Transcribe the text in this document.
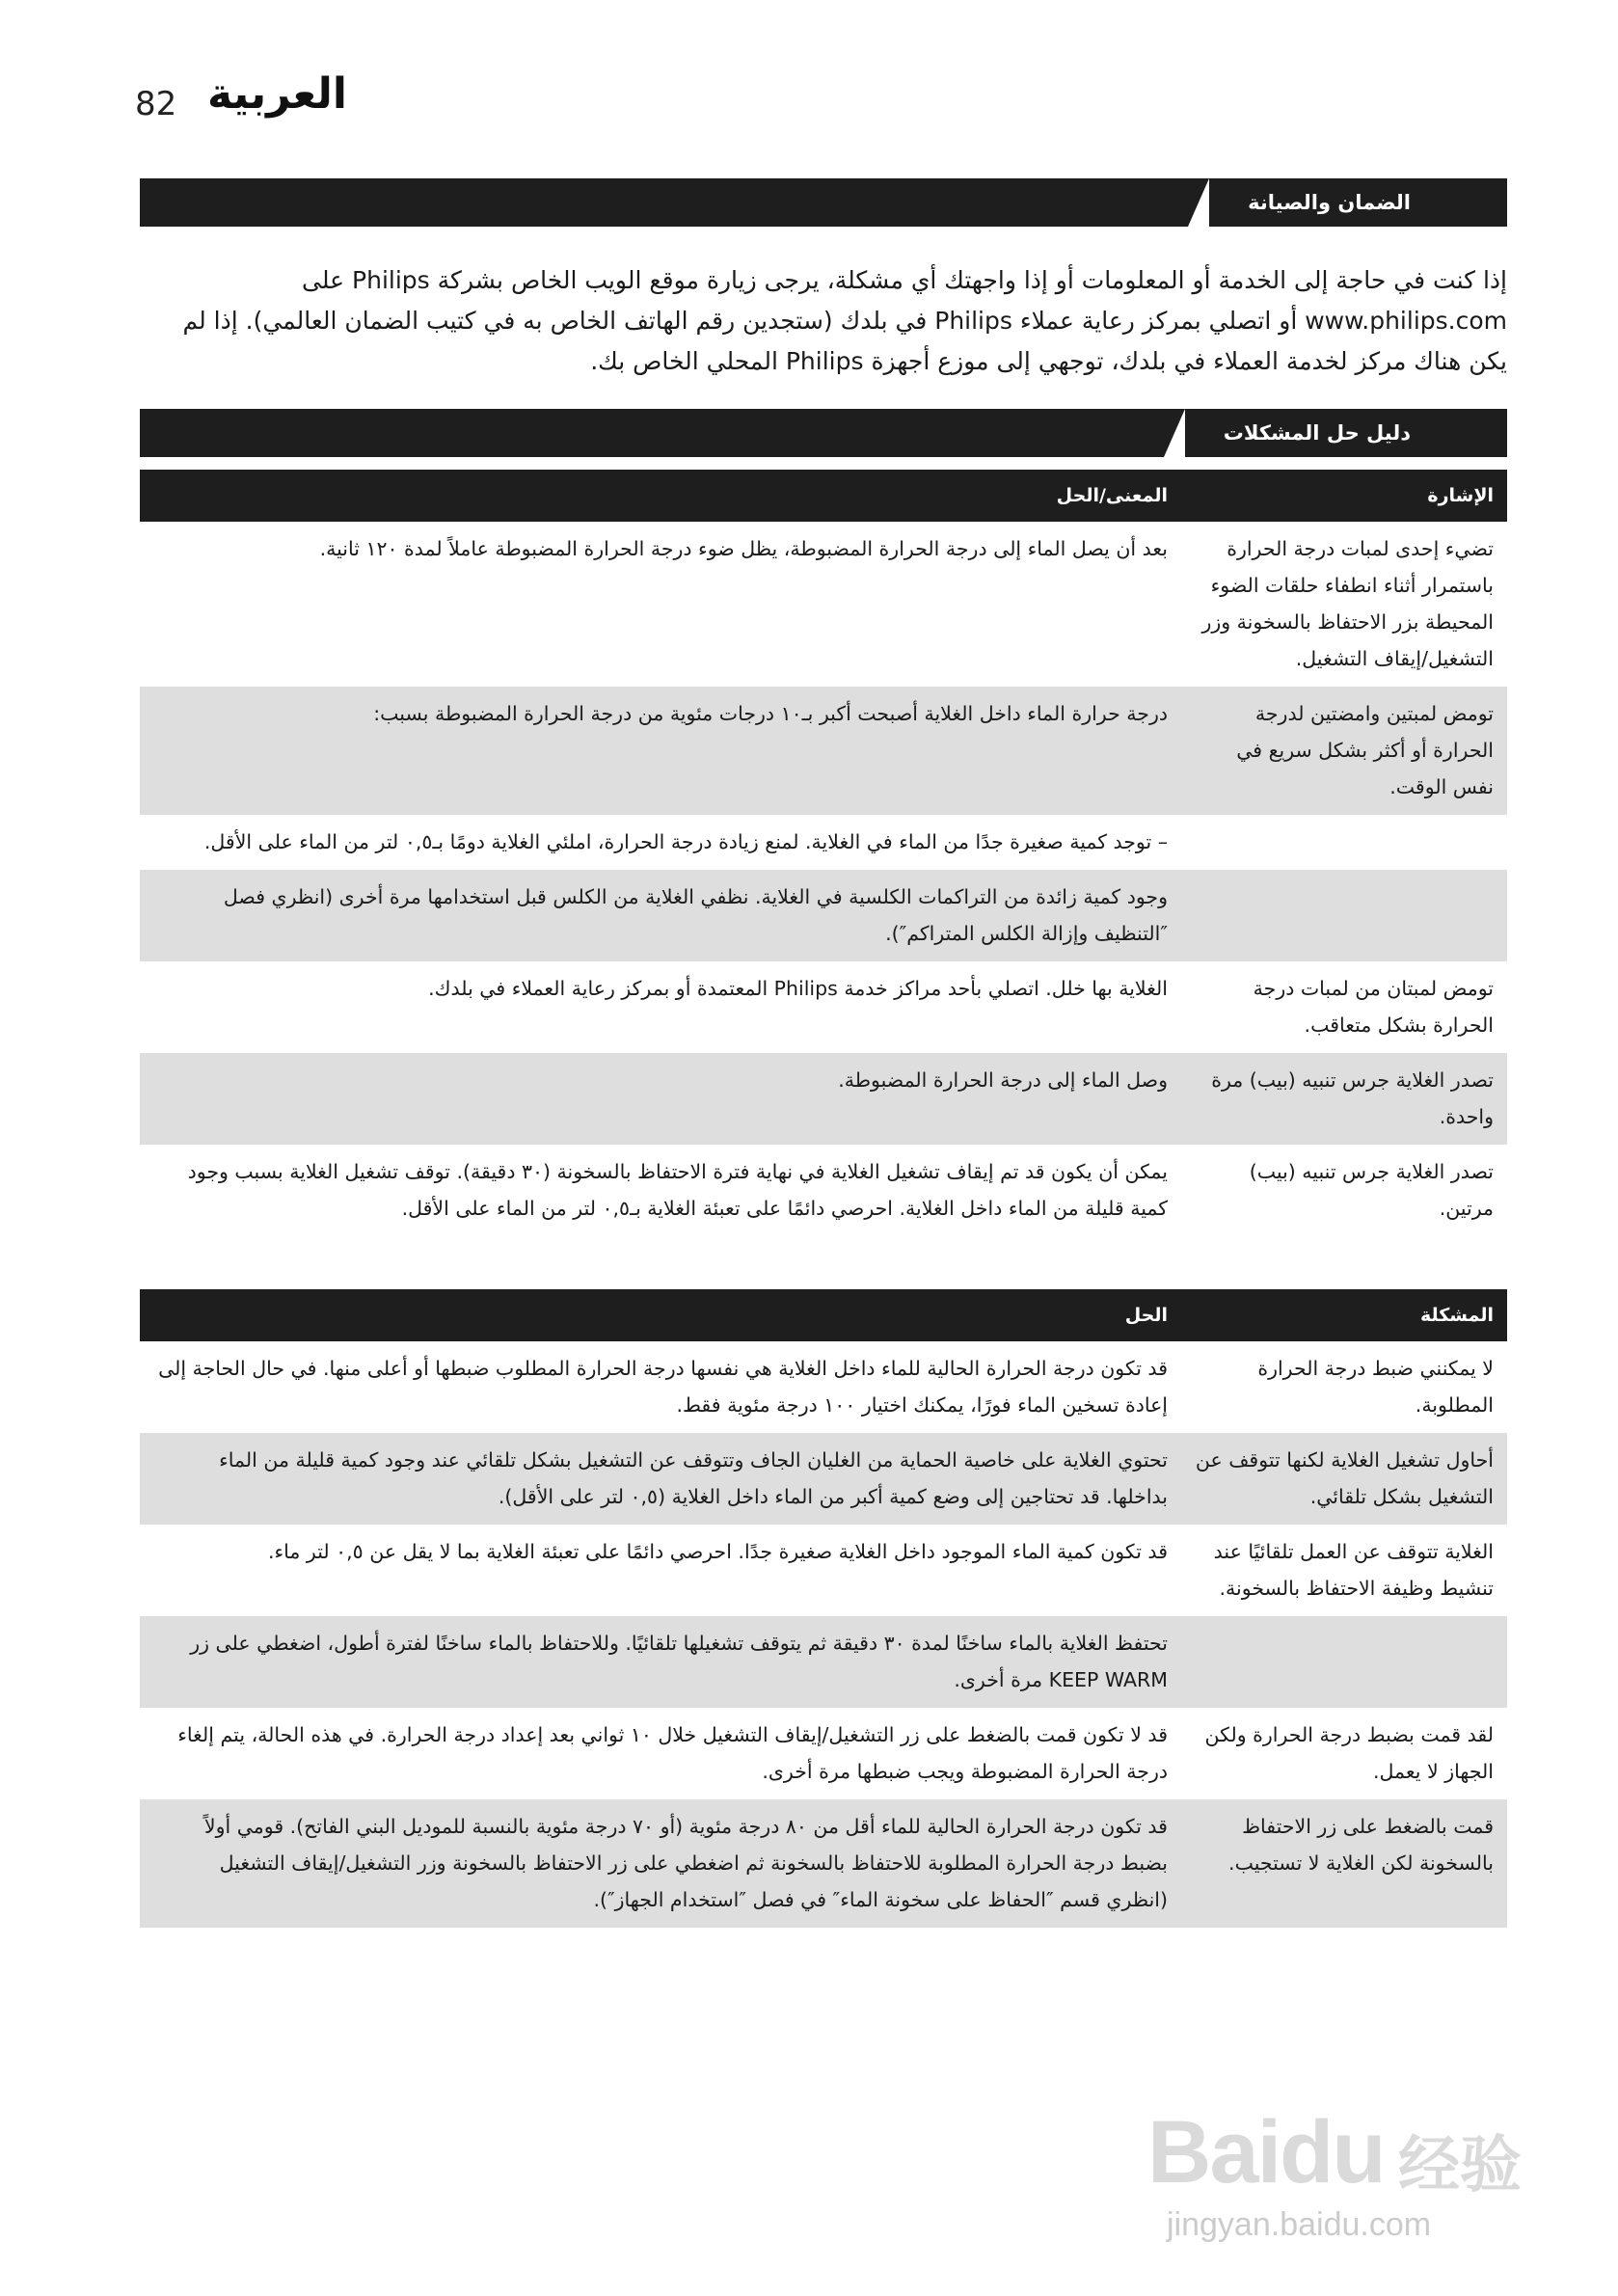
82 العربية
الضمان والصيانة

إذا كنت في حاجة إلى الخدمة أو المعلومات أو إذا واجهتك أي مشكلة، يرجى زيارة موقع الويب الخاص بشركة Philips على www.philips.com أو اتصلي بمركز رعاية عملاء Philips في بلدك (ستجدين رقم الهاتف الخاص به في كتيب الضمان العالمي). إذا لم يكن هناك مركز لخدمة العملاء في بلدك، توجهي إلى موزع أجهزة Philips المحلي الخاص بك.

دليل حل المشكلات
الإشارة	المعنى/الحل
تضيء إحدى لمبات درجة الحرارة باستمرار أثناء انطفاء حلقات الضوء المحيطة بزر الاحتفاظ بالسخونة وزر التشغيل/إيقاف التشغيل.	بعد أن يصل الماء إلى درجة الحرارة المضبوطة، يظل ضوء درجة الحرارة المضبوطة عاملاً لمدة ١٢٠ ثانية.
تومض لمبتين وامضتين لدرجة الحرارة أو أكثر بشكل سريع في نفس الوقت.	درجة حرارة الماء داخل الغلاية أصبحت أكبر بـ١٠ درجات مئوية من درجة الحرارة المضبوطة بسبب:
	– توجد كمية صغيرة جدًا من الماء في الغلاية. لمنع زيادة درجة الحرارة، املئي الغلاية دومًا بـ٠,٥ لتر من الماء على الأقل.
	وجود كمية زائدة من التراكمات الكلسية في الغلاية. نظفي الغلاية من الكلس قبل استخدامها مرة أخرى (انظري فصل ″التنظيف وإزالة الكلس المتراكم″).
تومض لمبتان من لمبات درجة الحرارة بشكل متعاقب.	الغلاية بها خلل. اتصلي بأحد مراكز خدمة Philips المعتمدة أو بمركز رعاية العملاء في بلدك.
تصدر الغلاية جرس تنبيه (بيب) مرة واحدة.	وصل الماء إلى درجة الحرارة المضبوطة.
تصدر الغلاية جرس تنبيه (بيب) مرتين.	يمكن أن يكون قد تم إيقاف تشغيل الغلاية في نهاية فترة الاحتفاظ بالسخونة (٣٠ دقيقة). توقف تشغيل الغلاية بسبب وجود كمية قليلة من الماء داخل الغلاية. احرصي دائمًا على تعبئة الغلاية بـ٠,٥ لتر من الماء على الأقل.
المشكلة	الحل
لا يمكنني ضبط درجة الحرارة المطلوبة.	قد تكون درجة الحرارة الحالية للماء داخل الغلاية هي نفسها درجة الحرارة المطلوب ضبطها أو أعلى منها. في حال الحاجة إلى إعادة تسخين الماء فورًا، يمكنك اختيار ١٠٠ درجة مئوية فقط.
أحاول تشغيل الغلاية لكنها تتوقف عن التشغيل بشكل تلقائي.	تحتوي الغلاية على خاصية الحماية من الغليان الجاف وتتوقف عن التشغيل بشكل تلقائي عند وجود كمية قليلة من الماء بداخلها. قد تحتاجين إلى وضع كمية أكبر من الماء داخل الغلاية (٠,٥ لتر على الأقل).
الغلاية تتوقف عن العمل تلقائيًا عند تنشيط وظيفة الاحتفاظ بالسخونة.	قد تكون كمية الماء الموجود داخل الغلاية صغيرة جدًا. احرصي دائمًا على تعبئة الغلاية بما لا يقل عن ٠,٥ لتر ماء.
	تحتفظ الغلاية بالماء ساخنًا لمدة ٣٠ دقيقة ثم يتوقف تشغيلها تلقائيًا. وللاحتفاظ بالماء ساخنًا لفترة أطول، اضغطي على زر KEEP WARM مرة أخرى.
لقد قمت بضبط درجة الحرارة ولكن الجهاز لا يعمل.	قد لا تكون قمت بالضغط على زر التشغيل/إيقاف التشغيل خلال ١٠ ثواني بعد إعداد درجة الحرارة. في هذه الحالة، يتم إلغاء درجة الحرارة المضبوطة ويجب ضبطها مرة أخرى.
قمت بالضغط على زر الاحتفاظ بالسخونة لكن الغلاية لا تستجيب.	قد تكون درجة الحرارة الحالية للماء أقل من ٨٠ درجة مئوية (أو ٧٠ درجة مئوية بالنسبة للموديل البني الفاتح). قومي أولاً بضبط درجة الحرارة المطلوبة للاحتفاظ بالسخونة ثم اضغطي على زر الاحتفاظ بالسخونة وزر التشغيل/إيقاف التشغيل (انظري قسم ″الحفاظ على سخونة الماء″ في فصل ″استخدام الجهاز″).
Baidu 经验
jingyan.baidu.com
